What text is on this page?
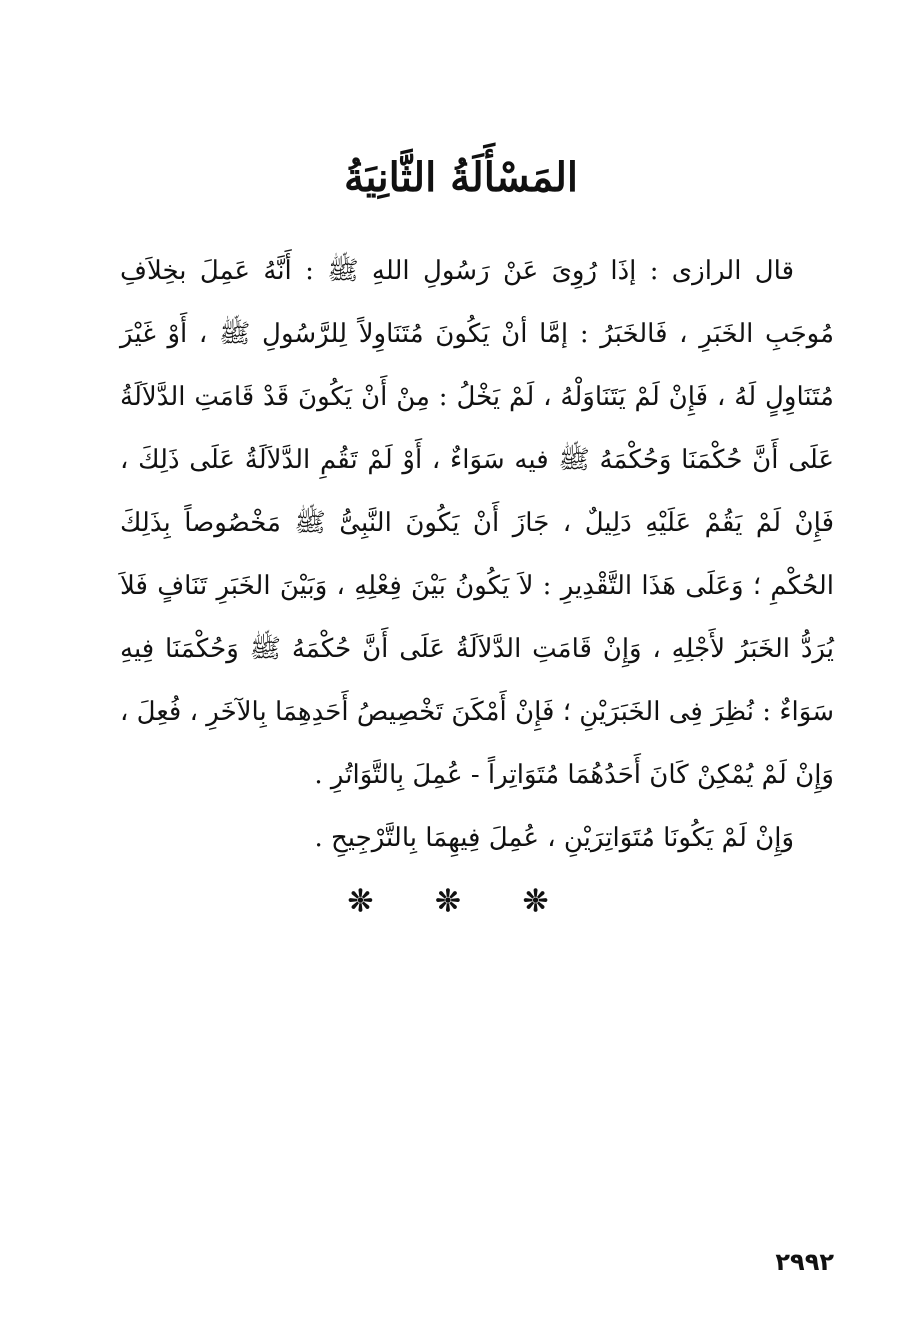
المَسْأَلَةُ الثَّانِيَةُ

قال الرازى : إذَا رُوِىَ عَنْ رَسُولِ اللهِ ﷺ : أَنَّهُ عَمِلَ بخِلاَفِ مُوجَبِ الخَبَرِ ، فَالخَبَرُ : إمَّا أنْ يَكُونَ مُتَنَاوِلاً لِلرَّسُولِ ﷺ ، أَوْ غَيْرَ مُتَنَاوِلٍ لَهُ ، فَإِنْ لَمْ يَتَنَاوَلْهُ ، لَمْ يَخْلُ : مِنْ أَنْ يَكُونَ قَدْ قَامَتِ الدَّلاَلَةُ عَلَى أَنَّ حُكْمَنَا وَحُكْمَهُ ﷺ فيه سَوَاءٌ ، أَوْ لَمْ تَقُمِ الدَّلاَلَةُ عَلَى ذَلِكَ ، فَإِنْ لَمْ يَقُمْ عَلَيْهِ دَلِيلٌ ، جَازَ أَنْ يَكُونَ النَّبِىُّ ﷺ مَخْصُوصاً بِذَلِكَ الحُكْمِ ؛ وَعَلَى هَذَا التَّقْدِيرِ : لاَ يَكُونُ بَيْنَ فِعْلِهِ ، وَبَيْنَ الخَبَرِ تَنَافٍ فَلاَ يُرَدُّ الخَبَرُ لأَجْلِهِ ، وَإِنْ قَامَتِ الدَّلاَلَةُ عَلَى أَنَّ حُكْمَهُ ﷺ وَحُكْمَنَا فِيهِ سَوَاءٌ : نُظِرَ فِى الخَبَرَيْنِ ؛ فَإِنْ أَمْكَنَ تَخْصِيصُ أَحَدِهِمَا بِالآخَرِ ، فُعِلَ ، وَإِنْ لَمْ يُمْكِنْ كَانَ أَحَدُهُمَا مُتَوَاتِراً - عُمِلَ بِالتَّوَاتُرِ .

وَإِنْ لَمْ يَكُونَا مُتَوَاتِرَيْنِ ، عُمِلَ فِيهِمَا بِالتَّرْجِيحِ .

❊ ❊ ❊
٢٩٩٢
